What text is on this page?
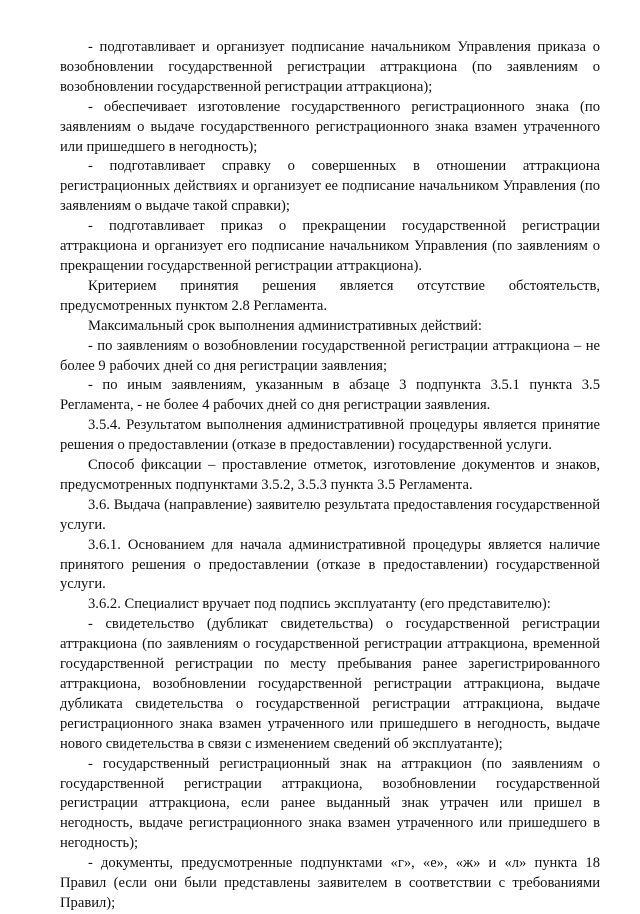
- подготавливает и организует подписание начальником Управления приказа о возобновлении государственной регистрации аттракциона (по заявлениям о возобновлении государственной регистрации аттракциона);

- обеспечивает изготовление государственного регистрационного знака (по заявлениям о выдаче государственного регистрационного знака взамен утраченного или пришедшего в негодность);

- подготавливает справку о совершенных в отношении аттракциона регистрационных действиях и организует ее подписание начальником Управления (по заявлениям о выдаче такой справки);

- подготавливает приказ о прекращении государственной регистрации аттракциона и организует его подписание начальником Управления (по заявлениям о прекращении государственной регистрации аттракциона).

Критерием принятия решения является отсутствие обстоятельств, предусмотренных пунктом 2.8 Регламента.

Максимальный срок выполнения административных действий:

- по заявлениям о возобновлении государственной регистрации аттракциона – не более 9 рабочих дней со дня регистрации заявления;

- по иным заявлениям, указанным в абзаце 3 подпункта 3.5.1 пункта 3.5 Регламента, - не более 4 рабочих дней со дня регистрации заявления.

3.5.4. Результатом выполнения административной процедуры является принятие решения о предоставлении (отказе в предоставлении) государственной услуги.

Способ фиксации – проставление отметок, изготовление документов и знаков, предусмотренных подпунктами 3.5.2, 3.5.3 пункта 3.5 Регламента.

3.6. Выдача (направление) заявителю результата предоставления государственной услуги.

3.6.1. Основанием для начала административной процедуры является наличие принятого решения о предоставлении (отказе в предоставлении) государственной услуги.

3.6.2. Специалист вручает под подпись эксплуатанту (его представителю):

- свидетельство (дубликат свидетельства) о государственной регистрации аттракциона (по заявлениям о государственной регистрации аттракциона, временной государственной регистрации по месту пребывания ранее зарегистрированного аттракциона, возобновлении государственной регистрации аттракциона, выдаче дубликата свидетельства о государственной регистрации аттракциона, выдаче регистрационного знака взамен утраченного или пришедшего в негодность, выдаче нового свидетельства в связи с изменением сведений об эксплуатанте);

- государственный регистрационный знак на аттракцион (по заявлениям о государственной регистрации аттракциона, возобновлении государственной регистрации аттракциона, если ранее выданный знак утрачен или пришел в негодность, выдаче регистрационного знака взамен утраченного или пришедшего в негодность);

- документы, предусмотренные подпунктами «г», «е», «ж» и «л» пункта 18 Правил (если они были представлены заявителем в соответствии с требованиями Правил);
